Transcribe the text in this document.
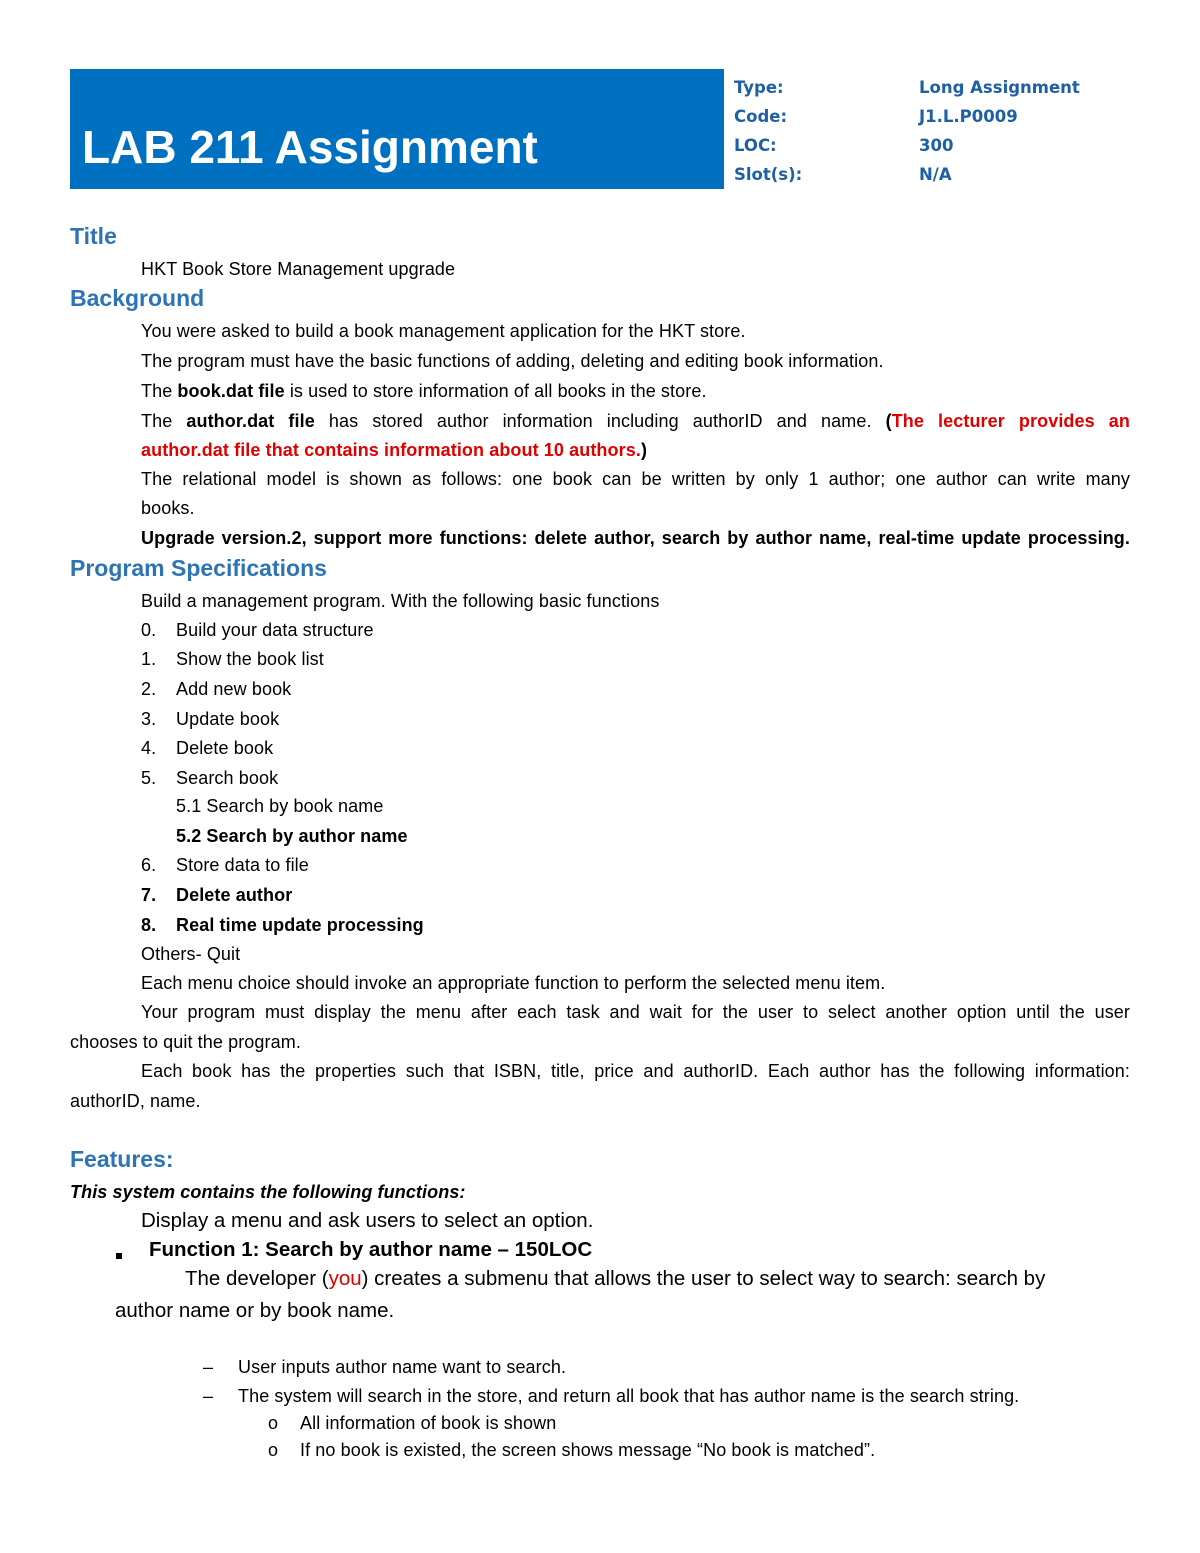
LAB 211 Assignment
Type:	Long Assignment
Code:	J1.L.P0009
LOC:	300
Slot(s):	N/A
Title
HKT Book Store Management upgrade
Background
You were asked to build a book management application for the HKT store.
The program must have the basic functions of adding, deleting and editing book information.
The book.dat file is used to store information of all books in the store.
The author.dat file has stored author information including authorID and name. (The lecturer provides an
author.dat file that contains information about 10 authors.)
The relational model is shown as follows: one book can be written by only 1 author; one author can write many
books.
Upgrade version.2, support more functions: delete author, search by author name, real-time update processing.
Program Specifications
Build a management program. With the following basic functions
0. Build your data structure
1. Show the book list
2. Add new book
3. Update book
4. Delete book
5. Search book
5.1 Search by book name
5.2 Search by author name
6. Store data to file
7. Delete author
8. Real time update processing
Others- Quit
Each menu choice should invoke an appropriate function to perform the selected menu item.
Your program must display the menu after each task and wait for the user to select another option until the user
chooses to quit the program.
Each book has the properties such that ISBN, title, price and authorID. Each author has the following information:
authorID, name.
Features:
This system contains the following functions:
Display a menu and ask users to select an option.
Function 1: Search by author name – 150LOC
The developer (you) creates a submenu that allows the user to select way to search: search by
author name or by book name.
– User inputs author name want to search.
– The system will search in the store, and return all book that has author name is the search string.
o All information of book is shown
o If no book is existed, the screen shows message “No book is matched”.
